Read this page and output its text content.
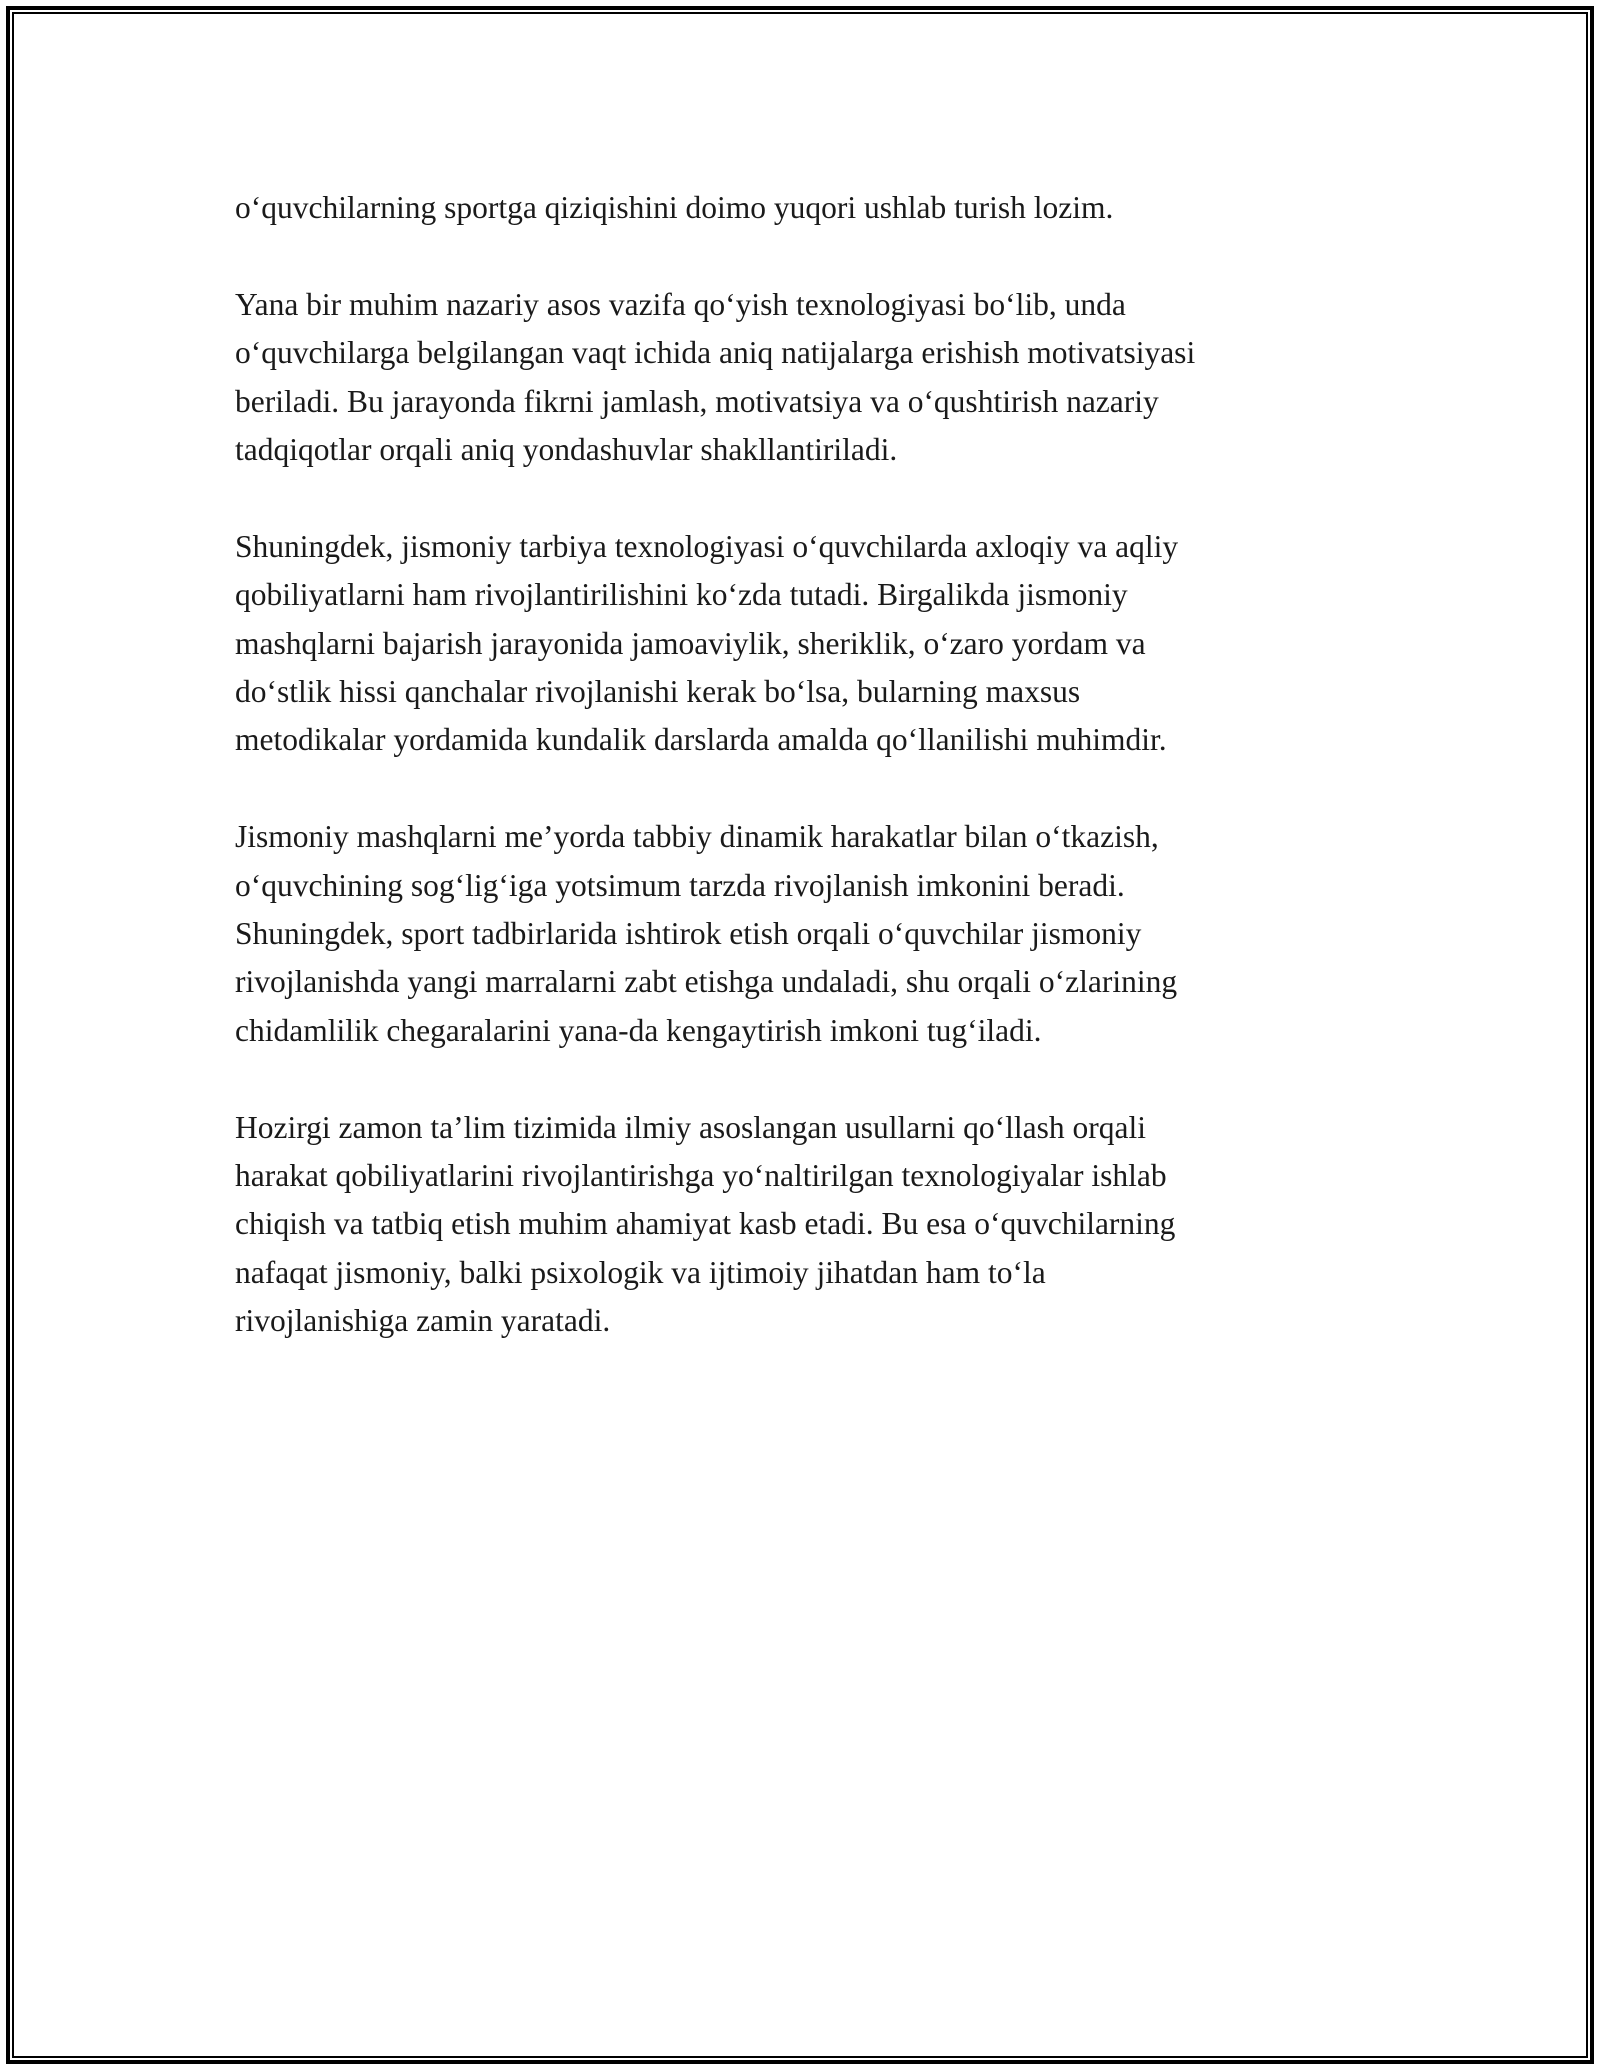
o‘quvchilarning sportga qiziqishini doimo yuqori ushlab turish lozim.

Yana bir muhim nazariy asos vazifa qo‘yish texnologiyasi bo‘lib, unda
o‘quvchilarga belgilangan vaqt ichida aniq natijalarga erishish motivatsiyasi
beriladi. Bu jarayonda fikrni jamlash, motivatsiya va o‘qushtirish nazariy
tadqiqotlar orqali aniq yondashuvlar shakllantiriladi.

Shuningdek, jismoniy tarbiya texnologiyasi o‘quvchilarda axloqiy va aqliy
qobiliyatlarni ham rivojlantirilishini ko‘zda tutadi. Birgalikda jismoniy
mashqlarni bajarish jarayonida jamoaviylik, sheriklik, o‘zaro yordam va
do‘stlik hissi qanchalar rivojlanishi kerak bo‘lsa, bularning maxsus
metodikalar yordamida kundalik darslarda amalda qo‘llanilishi muhimdir.

Jismoniy mashqlarni me’yorda tabbiy dinamik harakatlar bilan o‘tkazish,
o‘quvchining sog‘lig‘iga yotsimum tarzda rivojlanish imkonini beradi.
Shuningdek, sport tadbirlarida ishtirok etish orqali o‘quvchilar jismoniy
rivojlanishda yangi marralarni zabt etishga undaladi, shu orqali o‘zlarining
chidamlilik chegaralarini yana-da kengaytirish imkoni tug‘iladi.

Hozirgi zamon ta’lim tizimida ilmiy asoslangan usullarni qo‘llash orqali
harakat qobiliyatlarini rivojlantirishga yo‘naltirilgan texnologiyalar ishlab
chiqish va tatbiq etish muhim ahamiyat kasb etadi. Bu esa o‘quvchilarning
nafaqat jismoniy, balki psixologik va ijtimoiy jihatdan ham to‘la
rivojlanishiga zamin yaratadi.
